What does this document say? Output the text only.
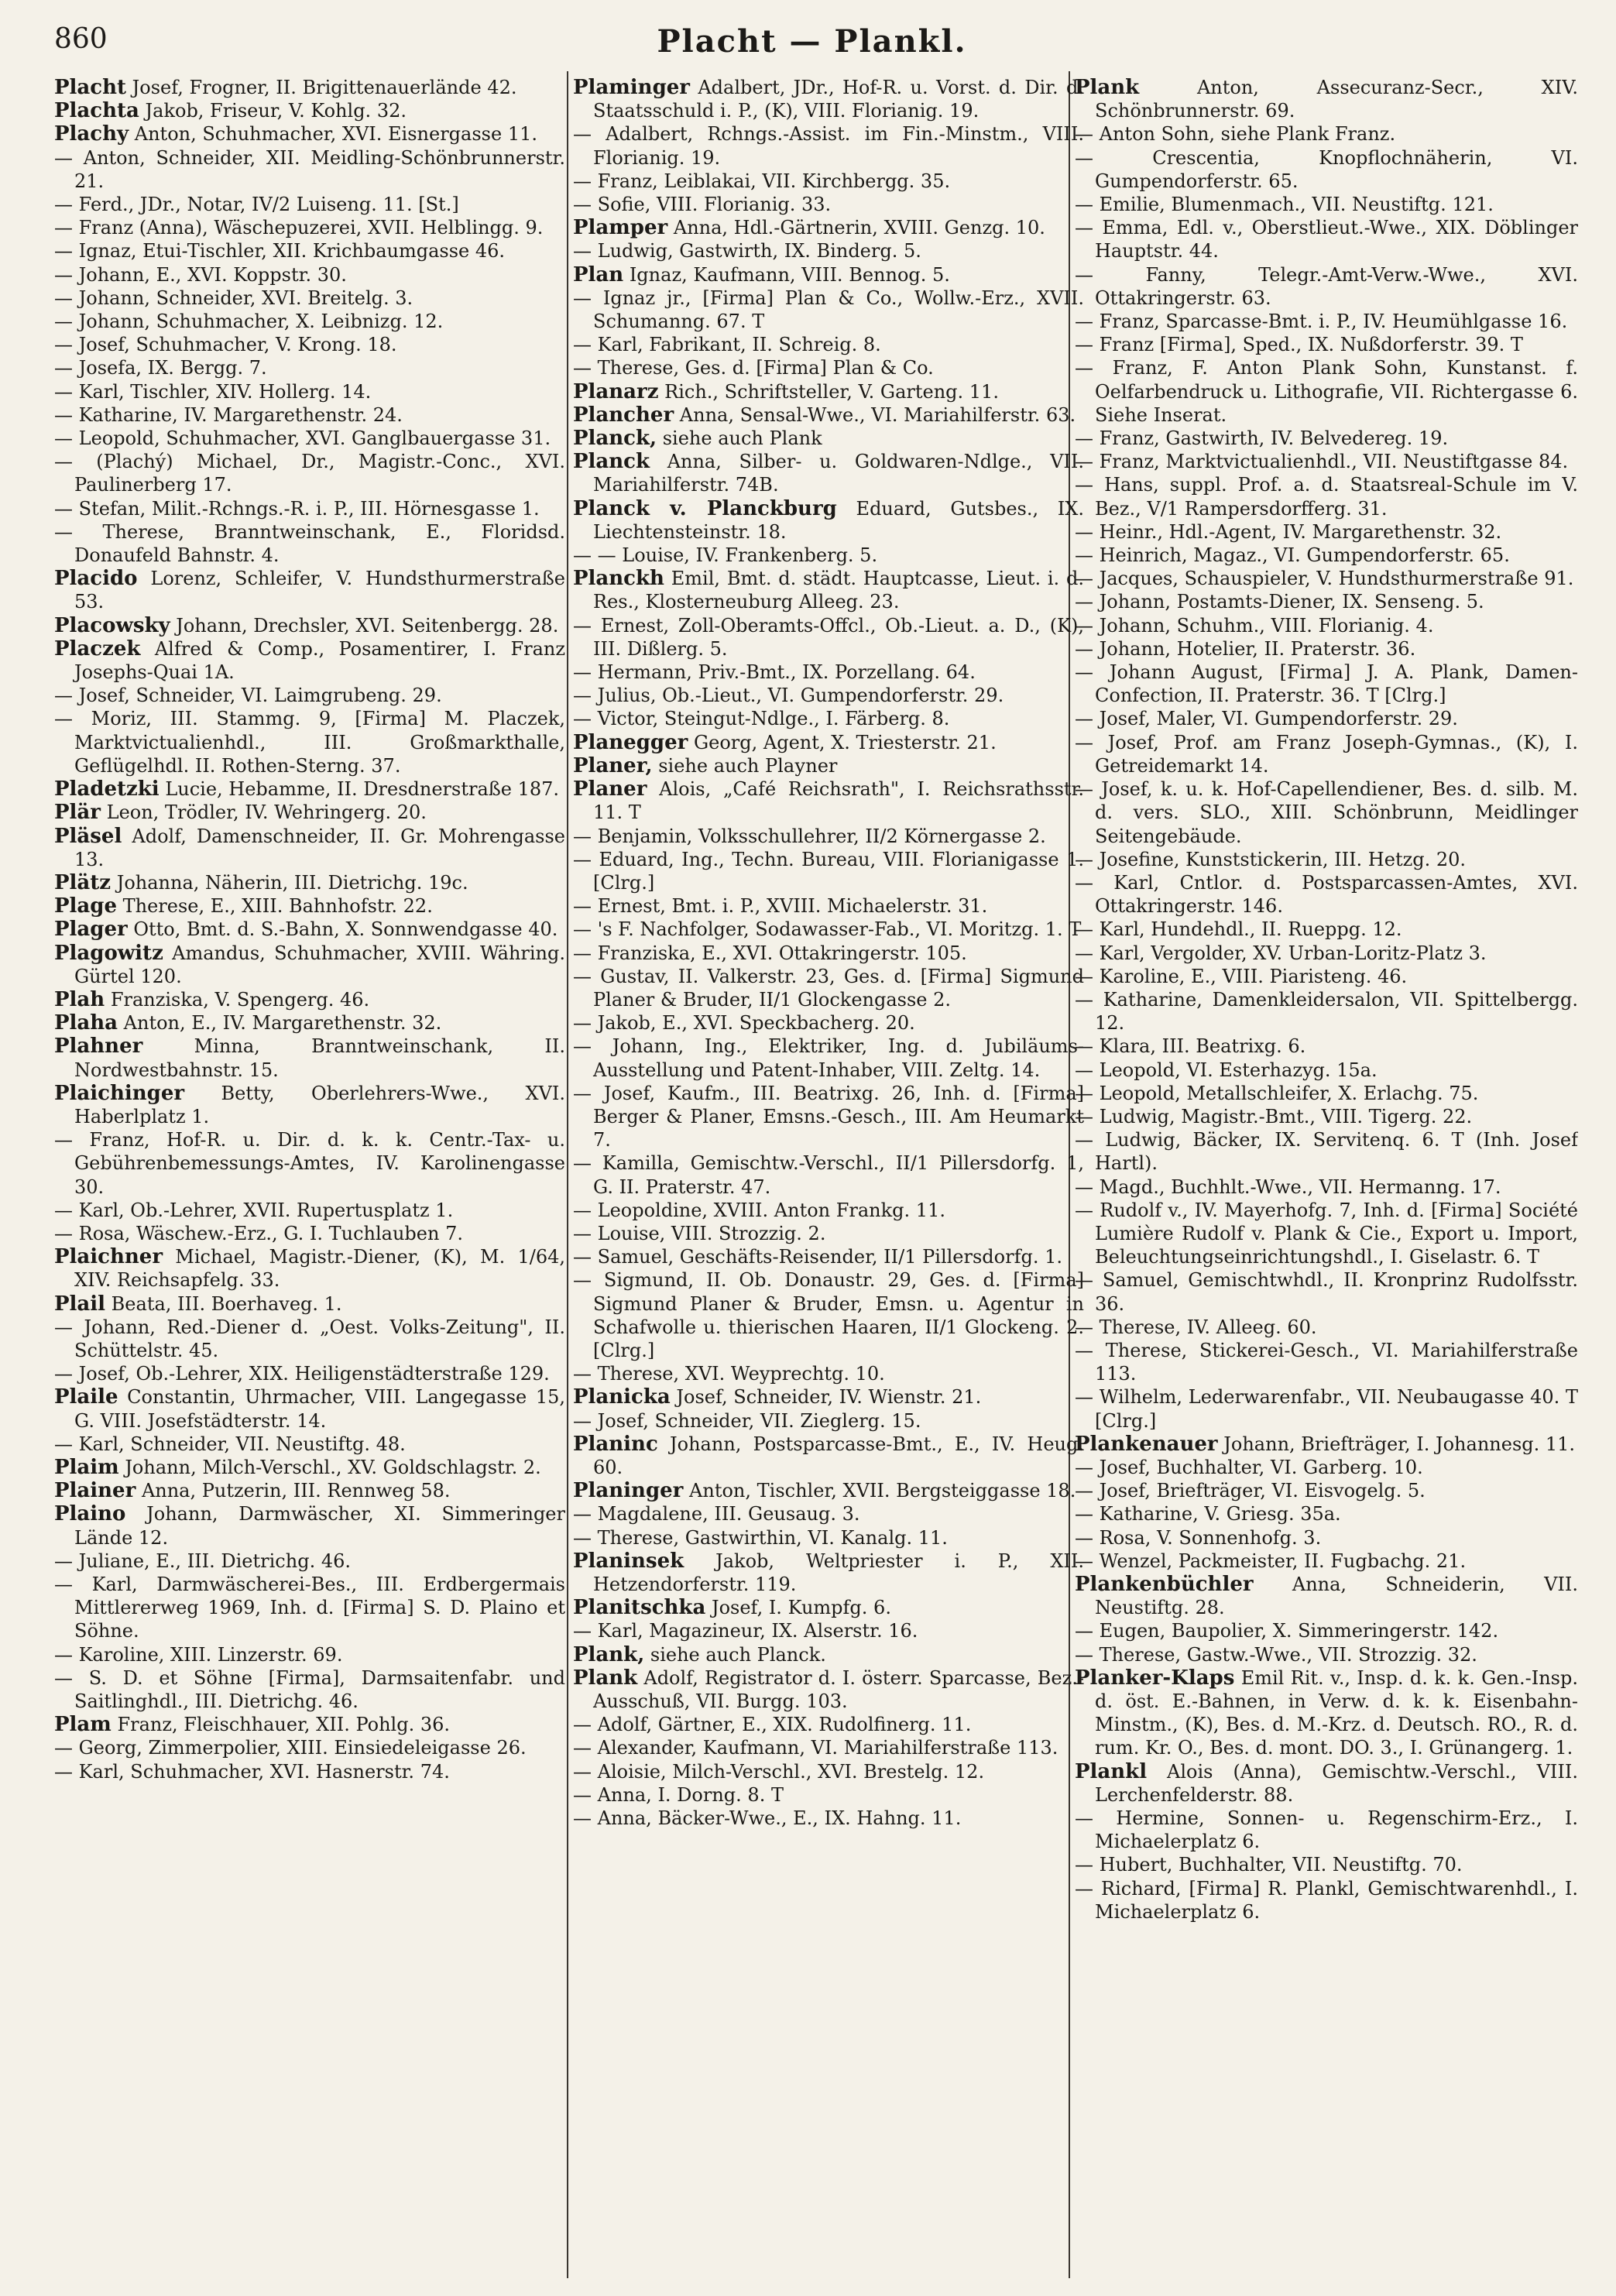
860	Placht — Plankl.

Placht Josef, Frogner, II. Brigittenauerlände 42.

Plachta Jakob, Friseur, V. Kohlg. 32.

Plachy Anton, Schuhmacher, XVI. Eisnergasse 11.

— Anton, Schneider, XII. Meidling-Schönbrunnerstr. 21.

— Ferd., JDr., Notar, IV/2 Luiseng. 11. [St.]

— Franz (Anna), Wäschepuzerei, XVII. Helblingg. 9.

— Ignaz, Etui-Tischler, XII. Krichbaumgasse 46.

— Johann, E., XVI. Koppstr. 30.

— Johann, Schneider, XVI. Breitelg. 3.

— Johann, Schuhmacher, X. Leibnizg. 12.

— Josef, Schuhmacher, V. Krong. 18.

— Josefa, IX. Bergg. 7.

— Karl, Tischler, XIV. Hollerg. 14.

— Katharine, IV. Margarethenstr. 24.

— Leopold, Schuhmacher, XVI. Ganglbauergasse 31.

— (Plachý) Michael, Dr., Magistr.-Conc., XVI. Paulinerberg 17.

— Stefan, Milit.-Rchngs.-R. i. P., III. Hörnesgasse 1.

— Therese, Branntweinschank, E., Floridsd. Donaufeld Bahnstr. 4.

Placido Lorenz, Schleifer, V. Hundsthurmerstraße 53.

Placowsky Johann, Drechsler, XVI. Seitenbergg. 28.

Placzek Alfred & Comp., Posamentirer, I. Franz Josephs-Quai 1A.

— Josef, Schneider, VI. Laimgrubeng. 29.

— Moriz, III. Stammg. 9, [Firma] M. Placzek, Marktvictualienhdl., III. Großmarkthalle, Geflügelhdl. II. Rothen-Sterng. 37.

Pladetzki Lucie, Hebamme, II. Dresdnerstraße 187.

Plär Leon, Trödler, IV. Wehringerg. 20.

Pläsel Adolf, Damenschneider, II. Gr. Mohrengasse 13.

Plätz Johanna, Näherin, III. Dietrichg. 19c.

Plage Therese, E., XIII. Bahnhofstr. 22.

Plager Otto, Bmt. d. S.-Bahn, X. Sonnwendgasse 40.

Plagowitz Amandus, Schuhmacher, XVIII. Währing. Gürtel 120.

Plah Franziska, V. Spengerg. 46.

Plaha Anton, E., IV. Margarethenstr. 32.

Plahner	Minna, Branntweinschank, II. Nordwestbahnstr. 15.

Plaichinger Betty, Oberlehrers-Wwe., XVI. Haberlplatz 1.

— Franz, Hof-R. u. Dir. d. k. k. Centr.-Tax- u. Gebührenbemessungs-Amtes, IV. Karolinengasse 30.

— Karl, Ob.-Lehrer, XVII. Rupertusplatz 1.

— Rosa, Wäschew.-Erz., G. I. Tuchlauben 7.

Plaichner Michael, Magistr.-Diener, (K), M. 1/64, XIV. Reichsapfelg. 33.

Plail Beata, III. Boerhaveg. 1.

— Johann, Red.-Diener d. „Oest. Volks-Zeitung", II. Schüttelstr. 45.

— Josef, Ob.-Lehrer, XIX. Heiligenstädterstraße 129.

Plaile Constantin, Uhrmacher, VIII. Langegasse 15, G. VIII. Josefstädterstr. 14.

— Karl, Schneider, VII. Neustiftg. 48.

Plaim Johann, Milch-Verschl., XV. Goldschlagstr. 2.

Plainer Anna, Putzerin, III. Rennweg 58.

Plaino Johann, Darmwäscher, XI. Simmeringer Lände 12.

— Juliane, E., III. Dietrichg. 46.

— Karl, Darmwäscherei-Bes., III. Erdbergermais Mittlererweg 1969, Inh. d. [Firma] S. D. Plaino et Söhne.

— Karoline, XIII. Linzerstr. 69.

— S. D. et Söhne [Firma], Darmsaitenfabr. und Saitlinghdl., III. Dietrichg. 46.

Plam Franz, Fleischhauer, XII. Pohlg. 36.

— Georg, Zimmerpolier, XIII. Einsiedeleigasse 26.

— Karl, Schuhmacher, XVI. Hasnerstr. 74.

Plaminger Adalbert, JDr., Hof-R. u. Vorst. d. Dir. d. Staatsschuld i. P., (K), VIII. Florianig. 19.

— Adalbert, Rchngs.-Assist. im Fin.-Minstm., VIII. Florianig. 19.

— Franz, Leiblakai, VII. Kirchbergg. 35.

— Sofie, VIII. Florianig. 33.

Plamper Anna, Hdl.-Gärtnerin, XVIII. Genzg. 10.

— Ludwig, Gastwirth, IX. Binderg. 5.

Plan Ignaz, Kaufmann, VIII. Bennog. 5.

— Ignaz jr., [Firma] Plan & Co., Wollw.-Erz., XVII. Schumanng. 67. T

— Karl, Fabrikant, II. Schreig. 8.

— Therese, Ges. d. [Firma] Plan & Co.

Planarz Rich., Schriftsteller, V. Garteng. 11.

Plancher Anna, Sensal-Wwe., VI. Mariahilferstr. 63.

Planck, siehe auch Plank

Planck Anna, Silber- u. Goldwaren-Ndlge., VII. Mariahilferstr. 74B.

Planck v. Planckburg Eduard, Gutsbes., IX. Liechtensteinstr. 18.

— — Louise, IV. Frankenberg. 5.

Planckh Emil, Bmt. d. städt. Hauptcasse, Lieut. i. d. Res., Klosterneuburg Alleeg. 23.

— Ernest, Zoll-Oberamts-Offcl., Ob.-Lieut. a. D., (K), III. Dißlerg. 5.

— Hermann, Priv.-Bmt., IX. Porzellang. 64.

— Julius, Ob.-Lieut., VI. Gumpendorferstr. 29.

— Victor, Steingut-Ndlge., I. Färberg. 8.

Planegger Georg, Agent, X. Triesterstr. 21.

Planer, siehe auch Plaуner

Planer Alois, „Café Reichsrath", I. Reichsrathsstr. 11. T

— Benjamin, Volksschullehrer, II/2 Körnergasse 2.

— Eduard, Ing., Techn. Bureau, VIII. Florianigasse 1. [Clrg.]

— Ernest, Bmt. i. P., XVIII. Michaelerstr. 31.

— 's F. Nachfolger, Sodawasser-Fab., VI. Moritzg. 1. T

— Franziska, E., XVI. Ottakringerstr. 105.

— Gustav, II. Valkerstr. 23, Ges. d. [Firma] Sigmund Planer & Bruder, II/1 Glockengasse 2.

— Jakob, E., XVI. Speckbacherg. 20.

— Johann, Ing., Elektriker, Ing. d. Jubiläums-Ausstellung und Patent-Inhaber, VIII. Zeltg. 14.

— Josef, Kaufm., III. Beatrixg. 26, Inh. d. [Firma] Berger & Planer, Emsns.-Gesch., III. Am Heumarkt 7.

— Kamilla, Gemischtw.-Verschl., II/1 Pillersdorfg. 1, G. II. Praterstr. 47.

— Leopoldine, XVIII. Anton Frankg. 11.

— Louise, VIII. Strozzig. 2.

— Samuel, Geschäfts-Reisender, II/1 Pillersdorfg. 1.

— Sigmund, II. Ob. Donaustr. 29, Ges. d. [Firma] Sigmund Planer & Bruder, Emsn. u. Agentur in Schafwolle u. thierischen Haaren, II/1 Glockeng. 2. [Clrg.]

— Therese, XVI. Weyprechtg. 10.

Planicka Josef, Schneider, IV. Wienstr. 21.

— Josef, Schneider, VII. Zieglerg. 15.

Planinc Johann, Postsparcasse-Bmt., E., IV. Heug. 60.

Planinger Anton, Tischler, XVII. Bergsteiggasse 18.

— Magdalene, III. Geusaug. 3.

— Therese, Gastwirthin, VI. Kanalg. 11.

Planinsek Jakob, Weltpriester i. P., XII. Hetzendorferstr. 119.

Planitschka Josef, I. Kumpfg. 6.

— Karl, Magazineur, IX. Alserstr. 16.

Plank, siehe auch Planck.

Plank Adolf, Registrator d. I. österr. Sparcasse, Bez.-Ausschuß, VII. Burgg. 103.

— Adolf, Gärtner, E., XIX. Rudolfinerg. 11.

— Alexander, Kaufmann, VI. Mariahilferstraße 113.

— Aloisie, Milch-Verschl., XVI. Brestelg. 12.

— Anna, I. Dorng. 8. T

— Anna, Bäcker-Wwe., E., IX. Hahng. 11.

Plank	Anton, Assecuranz-Secr., XIV. Schönbrunnerstr. 69.

— Anton Sohn, siehe Plank Franz.

— Crescentia, Knopflochnäherin, VI. Gumpendorferstr. 65.

— Emilie, Blumenmach., VII. Neustiftg. 121.

— Emma, Edl. v., Oberstlieut.-Wwe., XIX. Döblinger Hauptstr. 44.

— Fanny, Telegr.-Amt-Verw.-Wwe., XVI. Ottakringerstr. 63.

— Franz, Sparcasse-Bmt. i. P., IV. Heumühlgasse 16.

— Franz [Firma], Sped., IX. Nußdorferstr. 39. T

— Franz, F. Anton Plank Sohn, Kunstanst. f. Oelfarbendruck u. Lithografie, VII. Richtergasse 6. Siehe Inserat.

— Franz, Gastwirth, IV. Belvedereg. 19.

— Franz, Marktvictualienhdl., VII. Neustiftgasse 84.

— Hans, suppl. Prof. a. d. Staatsreal-Schule im V. Bez., V/1 Rampersdorfferg. 31.

— Heinr., Hdl.-Agent, IV. Margarethenstr. 32.

— Heinrich, Magaz., VI. Gumpendorferstr. 65.

— Jacques, Schauspieler, V. Hundsthurmerstraße 91.

— Johann, Postamts-Diener, IX. Senseng. 5.

— Johann, Schuhm., VIII. Florianig. 4.

— Johann, Hotelier, II. Praterstr. 36.

— Johann August, [Firma] J. A. Plank, Damen-Confection, II. Praterstr. 36. T [Clrg.]

— Josef, Maler, VI. Gumpendorferstr. 29.

— Josef, Prof. am Franz Joseph-Gymnas., (K), I. Getreidemarkt 14.

— Josef, k. u. k. Hof-Capellendiener, Bes. d. silb. M. d. vers. SLO., XIII. Schönbrunn, Meidlinger Seitengebäude.

— Josefine, Kunststickerin, III. Hetzg. 20.

— Karl, Cntlor. d. Postsparcassen-Amtes, XVI. Ottakringerstr. 146.

— Karl, Hundehdl., II. Rueppg. 12.

— Karl, Vergolder, XV. Urban-Loritz-Platz 3.

— Karoline, E., VIII. Piaristeng. 46.

— Katharine, Damenkleidersalon, VII. Spittelbergg. 12.

— Klara, III. Beatrixg. 6.

— Leopold, VI. Esterhazyg. 15a.

— Leopold, Metallschleifer, X. Erlachg. 75.

— Ludwig, Magistr.-Bmt., VIII. Tigerg. 22.

— Ludwig, Bäcker, IX. Servitenq. 6. T (Inh. Josef Hartl).

— Magd., Buchhlt.-Wwe., VII. Hermanng. 17.

— Rudolf v., IV. Mayerhofg. 7, Inh. d. [Firma] Société Lumière Rudolf v. Plank & Cie., Export u. Import, Beleuchtungseinrichtungshdl., I. Giselastr. 6. T

— Samuel, Gemischtwhdl., II. Kronprinz Rudolfsstr. 36.

— Therese, IV. Alleeg. 60.

— Therese, Stickerei-Gesch., VI. Mariahilferstraße 113.

— Wilhelm, Lederwarenfabr., VII. Neubaugasse 40. T [Clrg.]

Plankenauer Johann, Briefträger, I. Johannesg. 11.

— Josef, Buchhalter, VI. Garberg. 10.

— Josef, Briefträger, VI. Eisvogelg. 5.

— Katharine, V. Griesg. 35a.

— Rosa, V. Sonnenhofg. 3.

— Wenzel, Packmeister, II. Fugbachg. 21.

Plankenbüchler Anna, Schneiderin, VII. Neustiftg. 28.

— Eugen, Baupolier, X. Simmeringerstr. 142.

— Therese, Gastw.-Wwe., VII. Strozzig. 32.

Planker-Klaps Emil Rit. v., Insp. d. k. k. Gen.-Insp. d. öst. E.-Bahnen, in Verw. d. k. k. Eisenbahn-Minstm., (K), Bes. d. M.-Krz. d. Deutsch. RO., R. d. rum. Kr. O., Bes. d. mont. DO. 3., I. Grünangerg. 1.

Plankl Alois (Anna), Gemischtw.-Verschl., VIII. Lerchenfelderstr. 88.

— Hermine, Sonnen- u. Regenschirm-Erz., I. Michaelerplatz 6.

— Hubert, Buchhalter, VII. Neustiftg. 70.

— Richard, [Firma] R. Plankl, Gemischtwarenhdl., I. Michaelerplatz 6.
